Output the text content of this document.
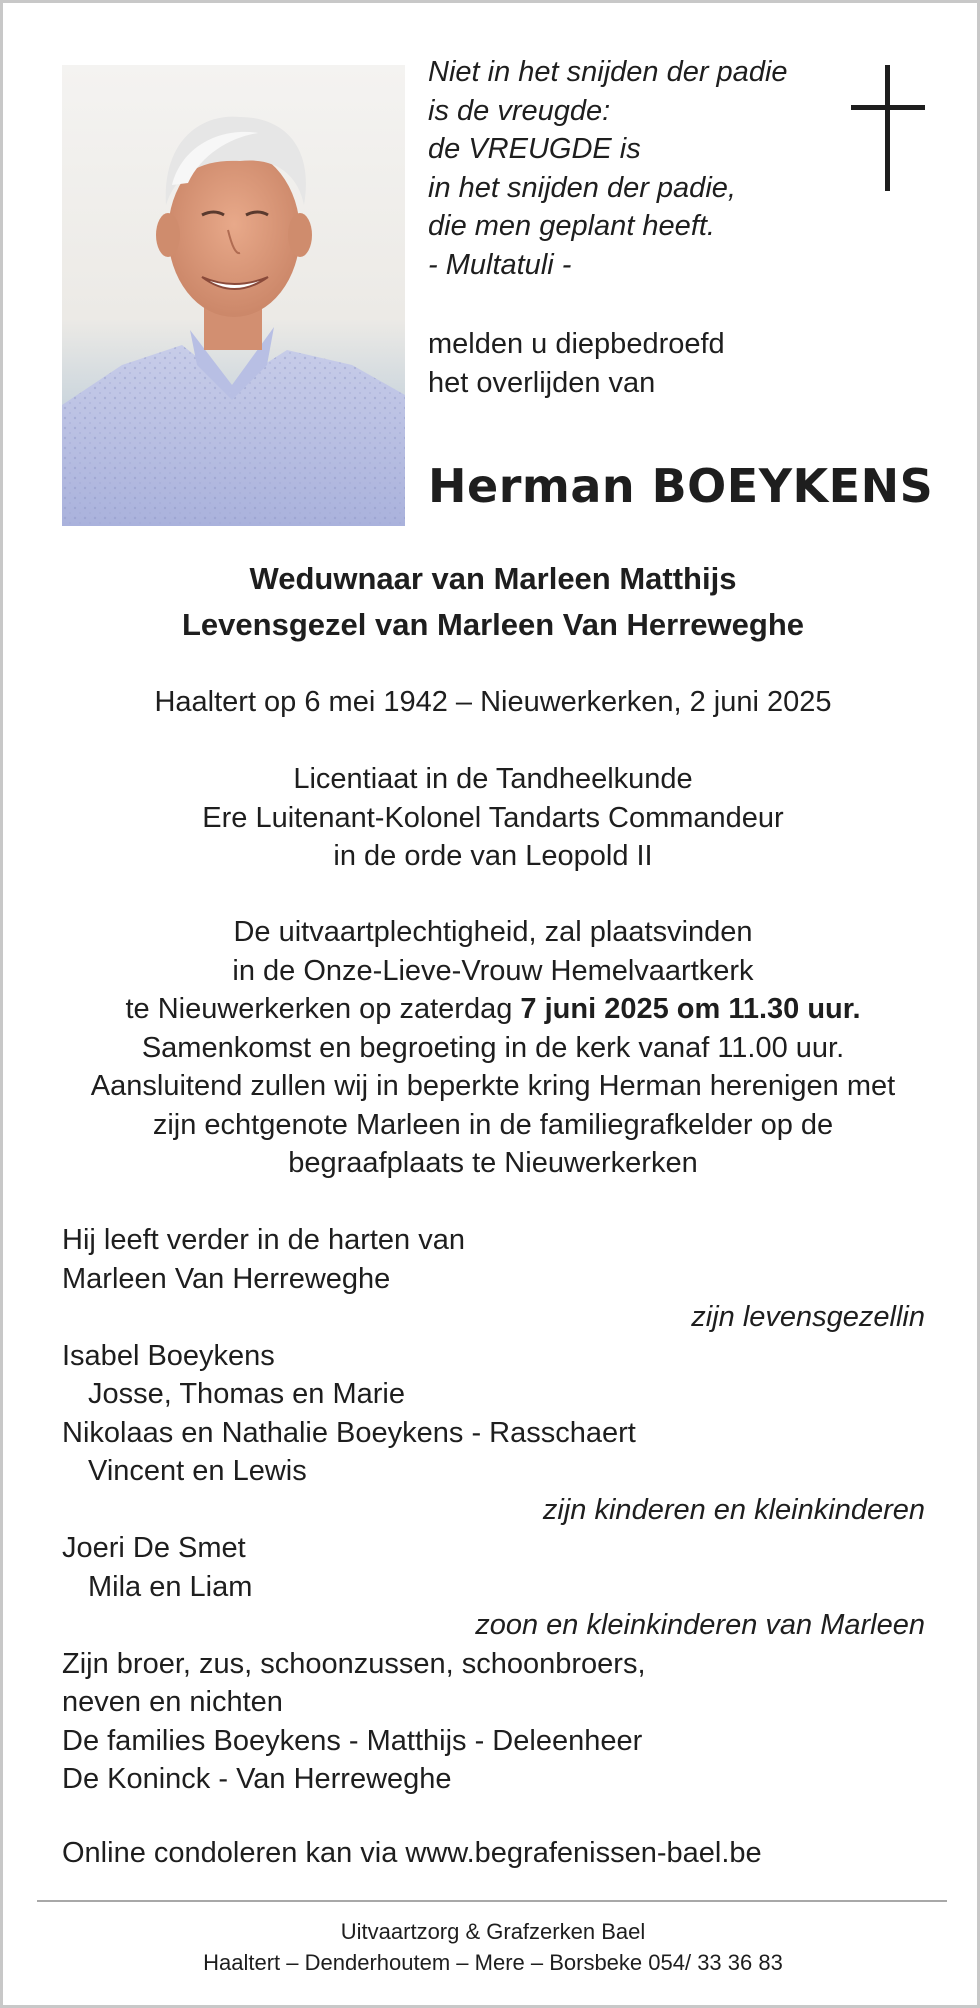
Niet in het snijden der padie
is de vreugde:
de VREUGDE is
in het snijden der padie,
die men geplant heeft.
- Multatuli -
melden u diepbedroefd
het overlijden van
Herman BOEYKENS
Weduwnaar van Marleen Matthijs
Levensgezel van Marleen Van Herreweghe
Haaltert op 6 mei 1942 – Nieuwerkerken, 2 juni 2025
Licentiaat in de Tandheelkunde
Ere Luitenant-Kolonel Tandarts Commandeur
in de orde van Leopold II
De uitvaartplechtigheid, zal plaatsvinden
in de Onze-Lieve-Vrouw Hemelvaartkerk
te Nieuwerkerken op zaterdag 7 juni 2025 om 11.30 uur.
Samenkomst en begroeting in de kerk vanaf 11.00 uur.
Aansluitend zullen wij in beperkte kring Herman herenigen met
zijn echtgenote Marleen in de familiegrafkelder op de
begraafplaats te Nieuwerkerken
Hij leeft verder in de harten van
Marleen Van Herreweghe
zijn levensgezellin
Isabel Boeykens
Josse, Thomas en Marie
Nikolaas en Nathalie Boeykens - Rasschaert
Vincent en Lewis
zijn kinderen en kleinkinderen
Joeri De Smet
Mila en Liam
zoon en kleinkinderen van Marleen
Zijn broer, zus, schoonzussen, schoonbroers,
neven en nichten
De families Boeykens - Matthijs - Deleenheer
De Koninck - Van Herreweghe
Online condoleren kan via www.begrafenissen-bael.be
Uitvaartzorg & Grafzerken Bael
Haaltert – Denderhoutem – Mere – Borsbeke 054/ 33 36 83
